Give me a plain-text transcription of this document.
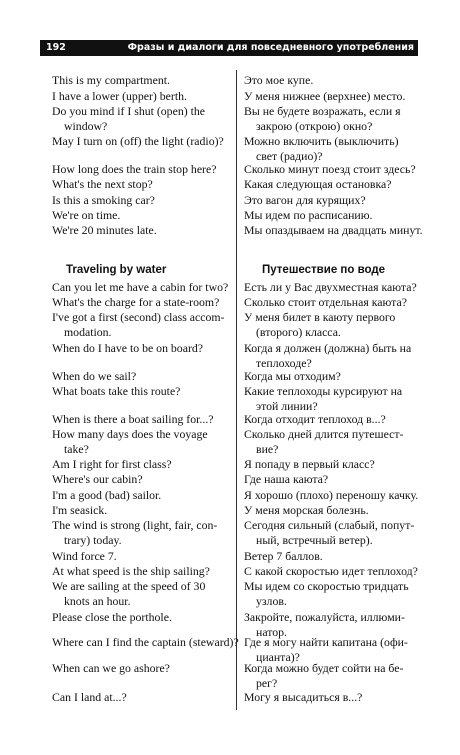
192	Фразы и диалоги для повседневного употребления
This is my compartment.
I have a lower (upper) berth.
Do you mind if I shut (open) the
window?
May I turn on (off) the light (radio)?
How long does the train stop here?
What's the next stop?
Is this a smoking car?
We're on time.
We're 20 minutes late.
Это мое купе.
У меня нижнее (верхнее) место.
Вы не будете возражать, если я
закрою (открою) окно?
Можно включить (выключить)
свет (радио)?
Сколько минут поезд стоит здесь?
Какая следующая остановка?
Это вагон для курящих?
Мы идем по расписанию.
Мы опаздываем на двадцать минут.
Traveling by water	Путешествие по воде
Can you let me have a cabin for two?
What's the charge for a state-room?
I've got a first (second) class accom-
modation.
When do I have to be on board?
When do we sail?
What boats take this route?
When is there a boat sailing for...?
How many days does the voyage
take?
Am I right for first class?
Where's our cabin?
I'm a good (bad) sailor.
I'm seasick.
The wind is strong (light, fair, con-
trary) today.
Wind force 7.
At what speed is the ship sailing?
We are sailing at the speed of 30
knots an hour.
Please close the porthole.
Where can I find the captain (steward)?
When can we go ashore?
Can I land at...?
Есть ли у Вас двухместная каюта?
Сколько стоит отдельная каюта?
У меня билет в каюту первого
(второго) класса.
Когда я должен (должна) быть на
теплоходе?
Когда мы отходим?
Какие теплоходы курсируют на
этой линии?
Когда отходит теплоход в...?
Сколько дней длится путешест-
вие?
Я попаду в первый класс?
Где наша каюта?
Я хорошо (плохо) переношу качку.
У меня морская болезнь.
Сегодня сильный (слабый, попут-
ный, встречный ветер).
Ветер 7 баллов.
С какой скоростью идет теплоход?
Мы идем со скоростью тридцать
узлов.
Закройте, пожалуйста, иллюми-
натор.
Где я могу найти капитана (офи-
цианта)?
Когда можно будет сойти на бе-
рег?
Могу я высадиться в...?
